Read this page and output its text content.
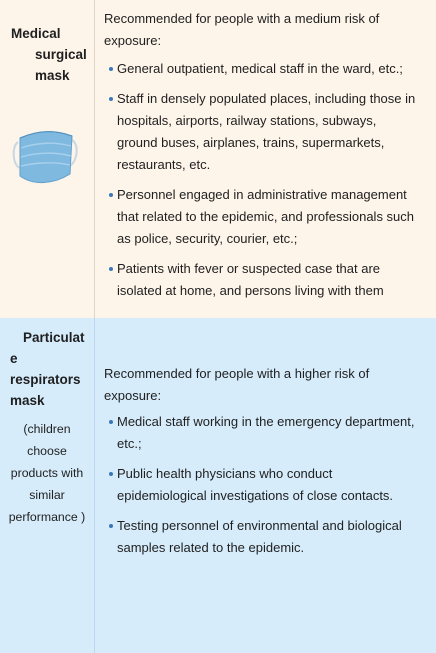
Medical
surgical
mask
Recommended for people with a medium risk of exposure:
General outpatient, medical staff in the ward, etc.;
Staff in densely populated places, including those in hospitals, airports, railway stations, subways, ground buses, airplanes, trains, supermarkets, restaurants, etc.
Personnel engaged in administrative management that related to the epidemic, and professionals such as police, security, courier, etc.;
Patients with fever or suspected case that are isolated at home, and persons living with them
Particulat
e
respirators
mask
(children choose products with similar performance )
Recommended for people with a higher risk of exposure:
Medical staff working in the emergency department, etc.;
Public health physicians who conduct epidemiological investigations of close contacts.
Testing personnel of environmental and biological samples related to the epidemic.
